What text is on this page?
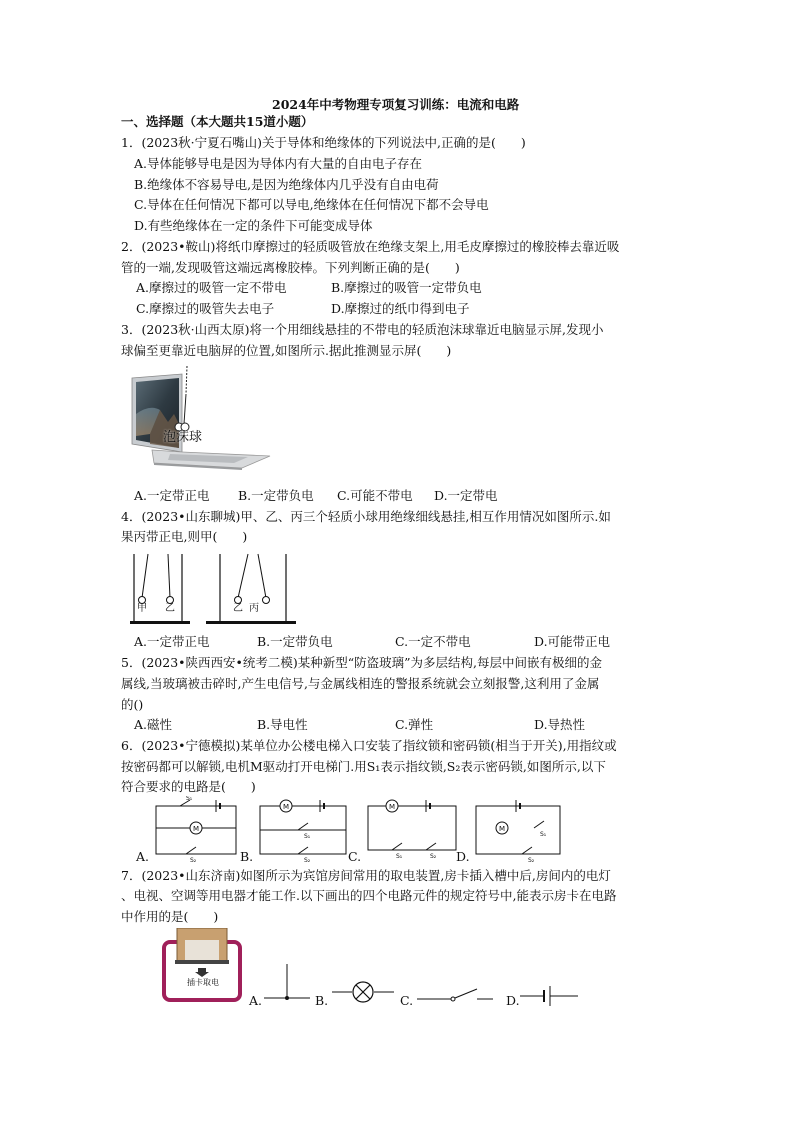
2024年中考物理专项复习训练：电流和电路
一、选择题（本大题共15道小题）
1．(2023秋·宁夏石嘴山)关于导体和绝缘体的下列说法中,正确的是(　　)
A.导体能够导电是因为导体内有大量的自由电子存在
B.绝缘体不容易导电,是因为绝缘体内几乎没有自由电荷
C.导体在任何情况下都可以导电,绝缘体在任何情况下都不会导电
D.有些绝缘体在一定的条件下可能变成导体
2．(2023•鞍山)将纸巾摩擦过的轻质吸管放在绝缘支架上,用毛皮摩擦过的橡胶棒去靠近吸
管的一端,发现吸管这端远离橡胶棒。下列判断正确的是(　　)
A.摩擦过的吸管一定不带电	B.摩擦过的吸管一定带负电
C.摩擦过的吸管失去电子	D.摩擦过的纸巾得到电子
3．(2023秋·山西太原)将一个用细线悬挂的不带电的轻质泡沫球靠近电脑显示屏,发现小
球偏至更靠近电脑屏的位置,如图所示.据此推测显示屏(　　)
泡沫球
A.一定带正电 B.一定带负电 C.可能不带电 D.一定带电
4．(2023•山东聊城)甲、乙、丙三个轻质小球用绝缘细线悬挂,相互作用情况如图所示.如
果丙带正电,则甲(　　)
甲 乙	乙 丙
A.一定带正电	B.一定带负电	C.一定不带电	D.可能带正电
5．(2023•陕西西安•统考二模)某种新型“防盗玻璃”为多层结构,每层中间嵌有极细的金
属线,当玻璃被击碎时,产生电信号,与金属线相连的警报系统就会立刻报警,这利用了金属
的()
A.磁性	B.导电性	C.弹性	D.导热性
6．(2023•宁德模拟)某单位办公楼电梯入口安装了指纹锁和密码锁(相当于开关),用指纹或
按密码都可以解锁,电机M驱动打开电梯门.用S₁表示指纹锁,S₂表示密码锁,如图所示,以下
符合要求的电路是(　　)
M
S₁
S₂
M
S₁
S₂
M
S₁	S₂
M
S₁
S₂
A.	B.	C.	D.
7．(2023•山东济南)如图所示为宾馆房间常用的取电装置,房卡插入槽中后,房间内的电灯
、电视、空调等用电器才能工作.以下画出的四个电路元件的规定符号中,能表示房卡在电路
中作用的是(　　)
插卡取电
A.	B.	C.	D.
